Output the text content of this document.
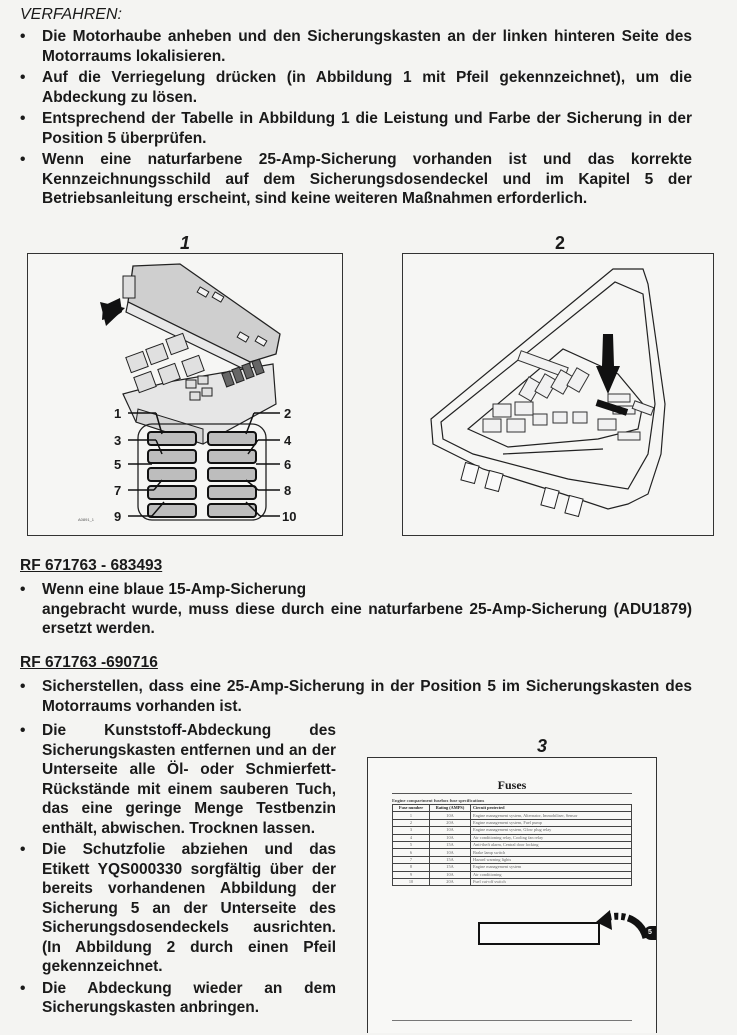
VERFAHREN:
• Die Motorhaube anheben und den Sicherungskasten an der linken hinteren Seite des Motorraums lokalisieren.
• Auf die Verriegelung drücken (in Abbildung 1 mit Pfeil gekennzeichnet), um die Abdeckung zu lösen.
• Entsprechend der Tabelle in Abbildung 1 die Leistung und Farbe der Sicherung in der Position 5 überprüfen.
• Wenn eine naturfarbene 25-Amp-Sicherung vorhanden ist und das korrekte Kennzeichnungsschild auf dem Sicherungsdosendeckel und im Kapitel 5 der Betriebsanleitung erscheint, sind keine weiteren Maßnahmen erforderlich.
1
1	2
3	4
5	6
7	8
9	10
A0891_1
2
RF 671763 - 683493
• Wenn eine blaue 15-Amp-Sicherung
angebracht wurde, muss diese durch eine naturfarbene 25-Amp-Sicherung (ADU1879) ersetzt werden.
RF 671763 -690716
• Sicherstellen, dass eine 25-Amp-Sicherung in der Position 5 im Sicherungskasten des Motorraums vorhanden ist.
• Die Kunststoff-Abdeckung des Sicherungskasten entfernen und an der Unterseite alle Öl- oder Schmierfett-Rückstände mit einem sauberen Tuch, das eine geringe Menge Testbenzin enthält, abwischen. Trocknen lassen.
• Die Schutzfolie abziehen und das Etikett YQS000330 sorgfältig über der bereits vorhandenen Abbildung der Sicherung 5 an der Unterseite des Sicherungsdosendeckels ausrichten. (In Abbildung 2 durch einen Pfeil gekennzeichnet.
• Die Abdeckung wieder an dem Sicherungskasten anbringen.
3
Fuses
Engine compartment fusebox fuse specifications
Fuse number	Rating (AMPS)	Circuit protected
1	10A	Engine management system, Alternator, Immobiliser, Sensor
2	20A	Engine management system, Fuel pump
3	10A	Engine management system, Glow plug relay
4	10A	Air conditioning relay, Cooling fan relay
5	15A	Anti-theft alarm, Central door locking
6	10A	Brake lamp switch
7	15A	Hazard warning lights
8	15A	Engine management system
9	10A	Air conditioning
10	20A	Fuel cut-off switch
5
